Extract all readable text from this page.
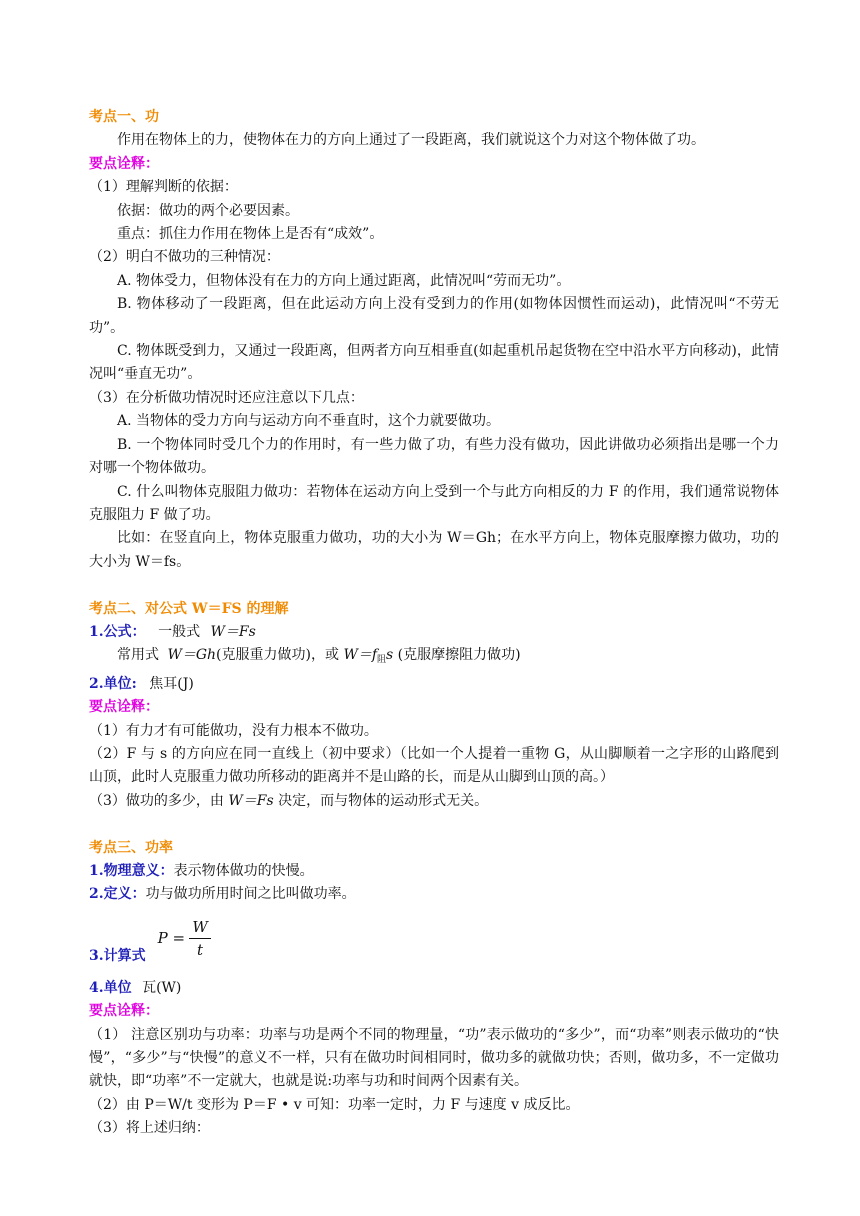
考点一、功
作用在物体上的力，使物体在力的方向上通过了一段距离，我们就说这个力对这个物体做了功。
要点诠释：
（1）理解判断的依据：
依据：做功的两个必要因素。
重点：抓住力作用在物体上是否有“成效”。
（2）明白不做功的三种情况：
A. 物体受力，但物体没有在力的方向上通过距离，此情况叫“劳而无功”。
B. 物体移动了一段距离，但在此运动方向上没有受到力的作用(如物体因惯性而运动)，此情况叫“不劳无功”。
C. 物体既受到力，又通过一段距离，但两者方向互相垂直(如起重机吊起货物在空中沿水平方向移动)，此情况叫“垂直无功”。
（3）在分析做功情况时还应注意以下几点：
A. 当物体的受力方向与运动方向不垂直时，这个力就要做功。
B. 一个物体同时受几个力的作用时，有一些力做了功，有些力没有做功，因此讲做功必须指出是哪一个力对哪一个物体做功。
C. 什么叫物体克服阻力做功：若物体在运动方向上受到一个与此方向相反的力 F 的作用，我们通常说物体克服阻力 F 做了功。
比如：在竖直向上，物体克服重力做功，功的大小为 W＝Gh；在水平方向上，物体克服摩擦力做功，功的大小为 W＝fs。
考点二、对公式 W＝FS 的理解
1.公式： 一般式 W＝Fs
常用式 W＝Gh(克服重力做功)，或 $W=f_阻s$ (克服摩擦阻力做功)
2.单位: 焦耳(J)
要点诠释：
（1）有力才有可能做功，没有力根本不做功。
（2）F 与 s 的方向应在同一直线上（初中要求）（比如一个人提着一重物 G，从山脚顺着一之字形的山路爬到山顶，此时人克服重力做功所移动的距离并不是山路的长，而是从山脚到山顶的高。）
（3）做功的多少，由 W＝Fs 决定，而与物体的运动形式无关。
考点三、功率
1.物理意义：表示物体做功的快慢。
2.定义：功与做功所用时间之比叫做功率。
3.计算式
$P = \frac{W}{t}$
4.单位 瓦(W)
要点诠释：
（1） 注意区别功与功率：功率与功是两个不同的物理量，“功”表示做功的“多少”，而“功率”则表示做功的“快慢”，“多少”与“快慢”的意义不一样，只有在做功时间相同时，做功多的就做功快；否则，做功多，不一定做功就快，即“功率”不一定就大，也就是说:功率与功和时间两个因素有关。
（2）由 P＝W/t 变形为 P＝F • v 可知：功率一定时，力 F 与速度 v 成反比。
（3）将上述归纳：
